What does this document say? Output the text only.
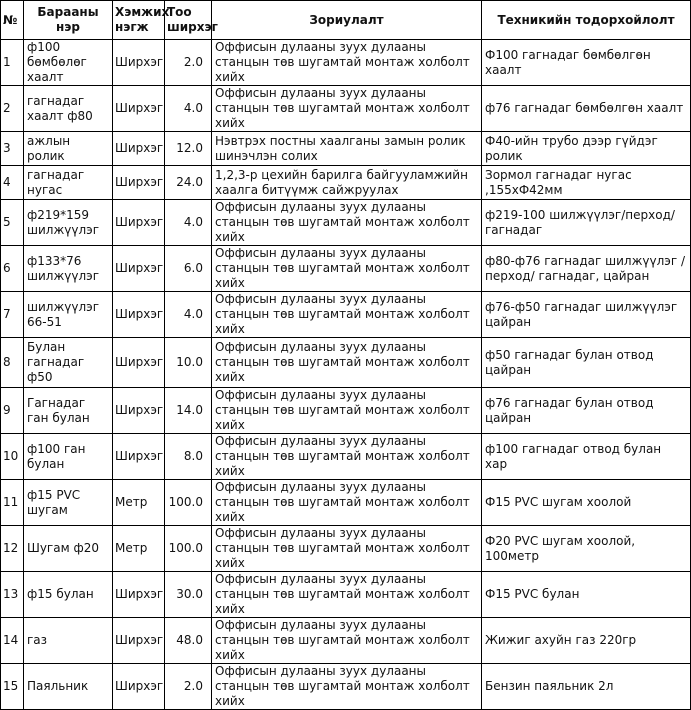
№	Барааны нэр	Хэмжих нэгж	Тоо ширхэг	Зориулалт	Техникийн тодорхойлолт
1	ф100 бөмбөлөг хаалт	Ширхэг	2.0	Оффисын дулааны зуух дулааны станцын төв шугамтай монтаж холболт хийх	Ф100 гагнадаг бөмбөлгөн хаалт
2	гагнадаг хаалт ф80	Ширхэг	4.0	Оффисын дулааны зуух дулааны станцын төв шугамтай монтаж холболт хийх	ф76 гагнадаг бөмбөлгөн хаалт
3	ажлын ролик	Ширхэг	12.0	Нэвтрэх постны хаалганы замын ролик шинэчлэн солих	Ф40-ийн трубо дээр гүйдэг ролик
4	гагнадаг нугас	Ширхэг	24.0	1,2,3-р цехийн барилга байгууламжийн хаалга битүүмж сайжруулах	Зормол гагнадаг нугас ,155хФ42мм
5	ф219*159 шилжүүлэг	Ширхэг	4.0	Оффисын дулааны зуух дулааны станцын төв шугамтай монтаж холболт хийх	ф219-100 шилжүүлэг/перход/ гагнадаг
6	ф133*76 шилжүүлэг	Ширхэг	6.0	Оффисын дулааны зуух дулааны станцын төв шугамтай монтаж холболт хийх	ф80-ф76 гагнадаг шилжүүлэг /перход/ гагнадаг, цайран
7	шилжүүлэг 66-51	Ширхэг	4.0	Оффисын дулааны зуух дулааны станцын төв шугамтай монтаж холболт хийх	ф76-ф50 гагнадаг шилжүүлэг цайран
8	Булан гагнадаг ф50	Ширхэг	10.0	Оффисын дулааны зуух дулааны станцын төв шугамтай монтаж холболт хийх	ф50 гагнадаг булан отвод цайран
9	Гагнадаг ган булан	Ширхэг	14.0	Оффисын дулааны зуух дулааны станцын төв шугамтай монтаж холболт хийх	ф76 гагнадаг булан отвод цайран
10	ф100 ган булан	Ширхэг	8.0	Оффисын дулааны зуух дулааны станцын төв шугамтай монтаж холболт хийх	ф100 гагнадаг отвод булан хар
11	ф15 PVC шугам	Метр	100.0	Оффисын дулааны зуух дулааны станцын төв шугамтай монтаж холболт хийх	Ф15 PVC шугам хоолой
12	Шугам ф20	Метр	100.0	Оффисын дулааны зуух дулааны станцын төв шугамтай монтаж холболт хийх	Ф20 PVC шугам хоолой, 100метр
13	ф15 булан	Ширхэг	30.0	Оффисын дулааны зуух дулааны станцын төв шугамтай монтаж холболт хийх	Ф15 PVC булан
14	газ	Ширхэг	48.0	Оффисын дулааны зуух дулааны станцын төв шугамтай монтаж холболт хийх	Жижиг ахуйн газ 220гр
15	Паяльник	Ширхэг	2.0	Оффисын дулааны зуух дулааны станцын төв шугамтай монтаж холболт хийх	Бензин паяльник 2л
